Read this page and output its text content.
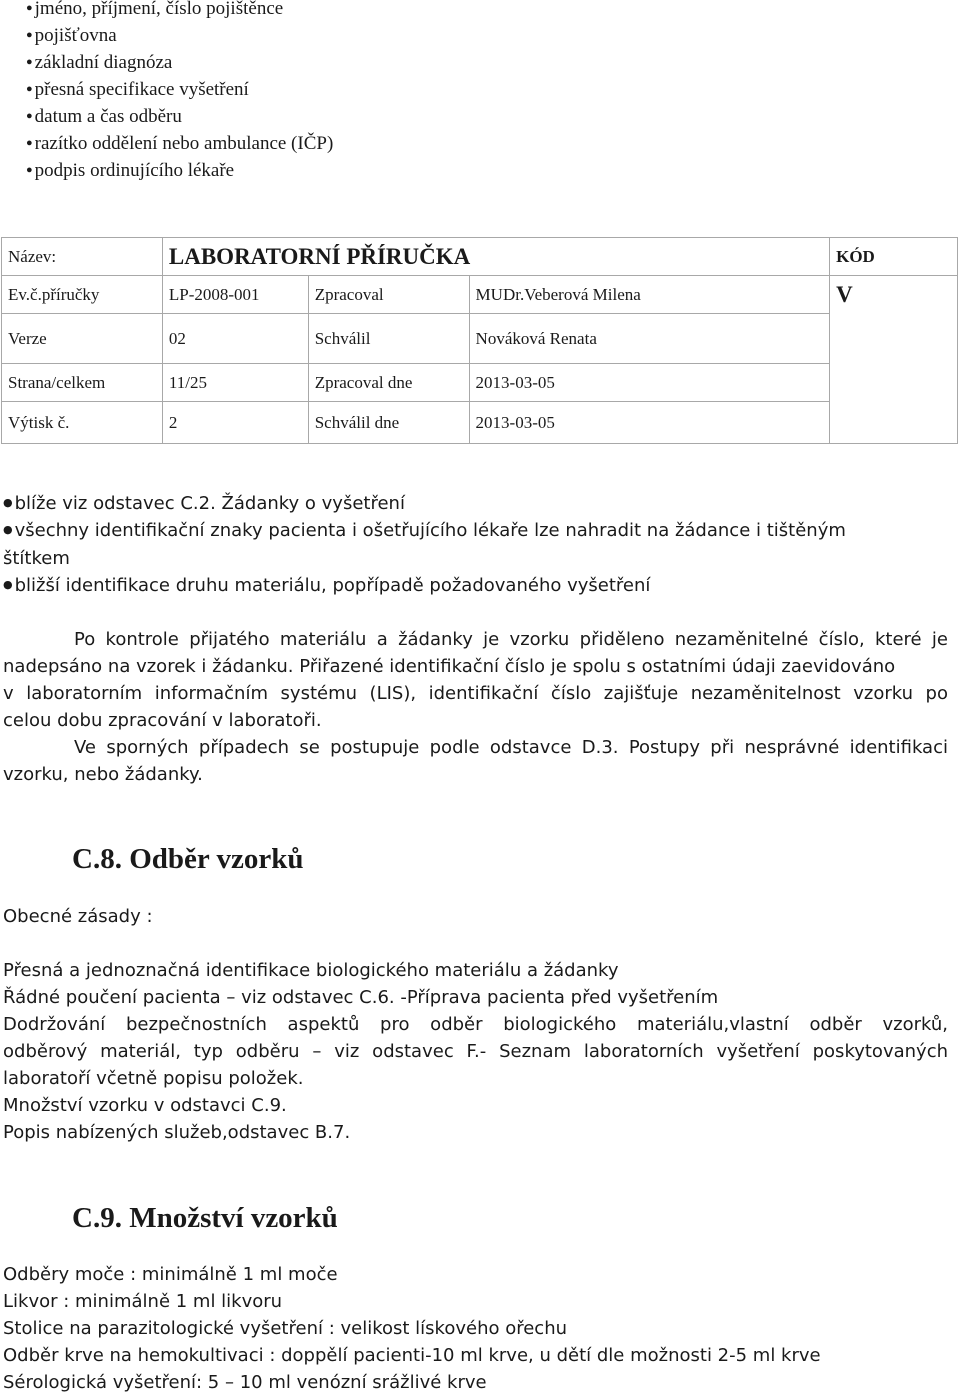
● jméno, příjmení, číslo pojištěnce
● pojišťovna
● základní diagnóza
● přesná specifikace vyšetření
● datum a čas odběru
● razítko oddělení nebo ambulance (IČP)
● podpis ordinujícího lékaře
Název:	LABORATORNÍ PŘÍRUČKA			KÓD
Ev.č.příručky	LP-2008-001	Zpracoval	MUDr.Veberová Milena	V
Verze	02	Schválil	Nováková Renata	
Strana/celkem	11/25	Zpracoval dne	2013-03-05	
Výtisk č.	2	Schválil dne	2013-03-05	
● blíže viz odstavec C.2. Žádanky o vyšetření
● všechny identifikační znaky pacienta i ošetřujícího lékaře lze nahradit na žádance i tištěným
štítkem
● bližší identifikace druhu materiálu, popřípadě požadovaného vyšetření
Po kontrole přijatého materiálu a žádanky je vzorku přiděleno nezaměnitelné číslo, které je
nadepsáno na vzorek i žádanku. Přiřazené identifikační číslo je spolu s ostatními údaji zaevidováno
v laboratorním informačním systému (LIS), identifikační číslo zajišťuje nezaměnitelnost vzorku po
celou dobu zpracování v laboratoři.
Ve sporných případech se postupuje podle odstavce D.3. Postupy při nesprávné identifikaci
vzorku, nebo žádanky.
C.8. Odběr vzorků
Obecné zásady :
Přesná a jednoznačná identifikace biologického materiálu a žádanky
Řádné poučení pacienta – viz odstavec C.6. -Příprava pacienta před vyšetřením
Dodržování bezpečnostních aspektů pro odběr biologického materiálu,vlastní odběr vzorků,
odběrový materiál, typ odběru – viz odstavec F.- Seznam laboratorních vyšetření poskytovaných
laboratoří včetně popisu položek.
Množství vzorku v odstavci C.9.
Popis nabízených služeb,odstavec B.7.
C.9. Množství vzorků
Odběry moče : minimálně 1 ml moče
Likvor : minimálně 1 ml likvoru
Stolice na parazitologické vyšetření : velikost lískového ořechu
Odběr krve na hemokultivaci : doppělí pacienti-10 ml krve, u dětí dle možnosti 2-5 ml krve
Sérologická vyšetření: 5 – 10 ml venózní srážlivé krve
